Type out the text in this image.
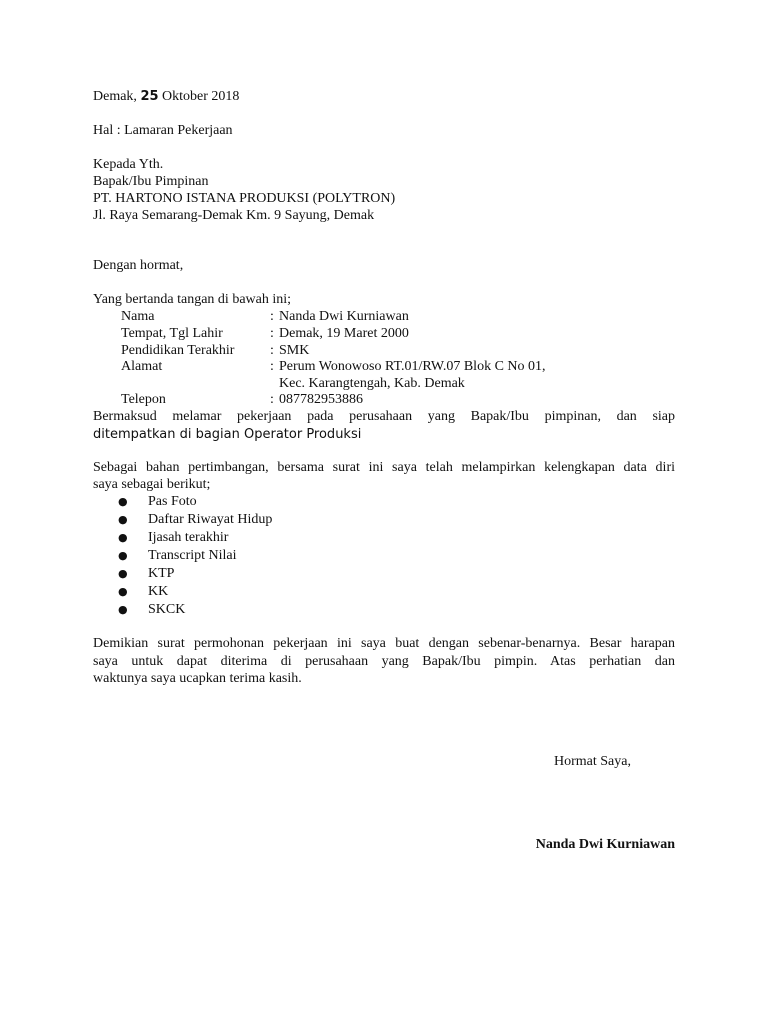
Demak, 25 Oktober 2018
Hal : Lamaran Pekerjaan
Kepada Yth.
Bapak/Ibu Pimpinan
PT. HARTONO ISTANA PRODUKSI (POLYTRON)
Jl. Raya Semarang-Demak Km. 9 Sayung, Demak
Dengan hormat,
Yang bertanda tangan di bawah ini;
Nama	: Nanda Dwi Kurniawan
Tempat, Tgl Lahir	: Demak, 19 Maret 2000
Pendidikan Terakhir	: SMK
Alamat	: Perum Wonowoso RT.01/RW.07 Blok C No 01,
Kec. Karangtengah, Kab. Demak
Telepon	: 087782953886
Bermaksud melamar pekerjaan pada perusahaan yang Bapak/Ibu pimpinan, dan siap
ditempatkan di bagian Operator Produksi
Sebagai bahan pertimbangan, bersama surat ini saya telah melampirkan kelengkapan data diri
saya sebagai berikut;
● Pas Foto
● Daftar Riwayat Hidup
● Ijasah terakhir
● Transcript Nilai
● KTP
● KK
● SKCK
Demikian surat permohonan pekerjaan ini saya buat dengan sebenar-benarnya. Besar harapan
saya untuk dapat diterima di perusahaan yang Bapak/Ibu pimpin. Atas perhatian dan
waktunya saya ucapkan terima kasih.
Hormat Saya,
Nanda Dwi Kurniawan
